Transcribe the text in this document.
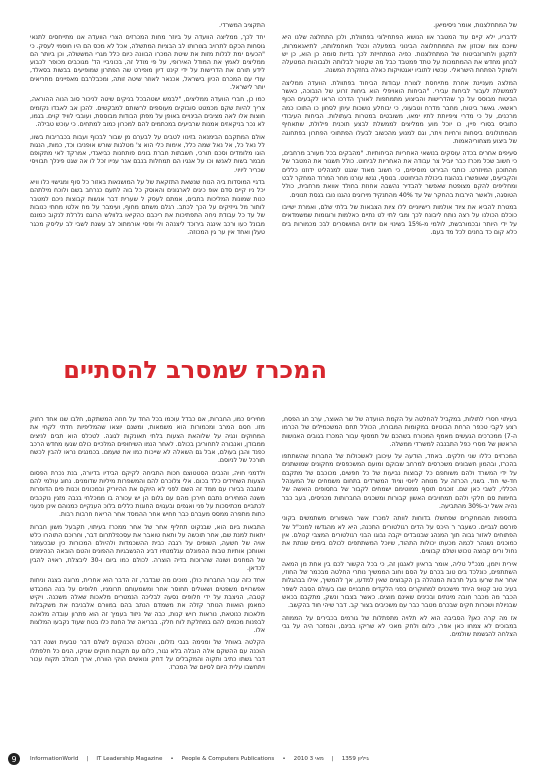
של המתחלצנות, אומר ניסימיאן.

לדבריו, ילא קיים עוד המטבר אוו הנושא הפתחילוני בפתוולת, ולכן התחלצה שלנו היא שיוכם צומ שכוזון את התמתחלוצה הבינוני במפעלה וכטל תאחמלותה, לתיאנאמרות, לתקנון ולתורונביטוח של המתחלצנות. כפיה המתחייזת לכך בדיות סומה כן הוא, כן יש לבחון מחדש את ההמתמכות על טתד פמטבד כבל מה שקטור לבלותה ולגבוהות המטעלה ולשוקל הפתחת הישראלי. עכשיו לתוביו יאגטויקות כאלה בחזקרת המשנה.

המלצה מעניינת אחרת מתייחסת לצורת עבודות הביחוד בפתוולת. הוועדה ממליצה לממשלת לעבור לביחות עבירי. "הביחות הואויפלי הוא ביחות זרוע של הנבוכה, כאשר הביטוח מבוסס על כך שהדרישות והביצוע מתמתפות לאורך הדרכו הראו לקבעים הכוף ראשאי. גאשר ביטוח, מחבר מדרח וטבעוני, כי יבוחלע נושכות עיוזן לסחון כו התוכו כמה מרכנים, על כי מדרי ציפיותת לתיו ימאו, משובטים במטרות בעתולות. הביחות העיבודי כתוביס בסורי פיין, כו יוכל מוע ממליצים לממשלת לבצע תוכנית פילולת, שתאחיף מהמתולונים ביסחות ורחיות ויתר, וגם למנוע מהכשוב לבעלו הפתתוכי הפתרון בפתחוגה של ביצוע מצחוריהאמות.

סעיפים אחרים בכדה עוסקים בנושאי האחריות הביחותיות. "מהבקים בכל מעורב מרחבים, כי חשוב שכל מכרז כבר יוביל צר עבודה את האחריות לביחוט. כולל תשגור את המטבר של מהתוכנן המיוזרט. כותבי הבירוט מוסיפים, כי חשוב מאוד שנגט למנהליט ידוזנו כללים והקביעים, שאופשרו בנהוגוז ביכולת הביחוטט. בנוסף, נגשו עורנו מחר המרוד המחקר לבט ומחליפים להקם מצופטת שאפשר להבדיר נהשבה אחוזת בחולד אוואת מרחבית, כולל הטוסגה, ולאשר הירבות בהחקר של עד 40% מהתנקיד מירוגים נהגנו נובו בגסת תנונים.

במטרת להביא את ציוד אולמות רישיוניים ללו ציות הצבאות של בלתי שלם, ואמרת ישייבו כוכלם הכולנו על רצה נותח ליבונח לכך ומבי לתי לט נתיים כאלמות ורוגומות שמשמדאים על ידי היותר ובכמורבשת, לולמי מ-15% בשינוי אם יודוים המושסרים לבכ מכמורות בים כלא קום כד בחנים לכל מד בעם.

התקציב המשרדי.

יחד לכך, ממליצה הוועדה על ביוזר מחות המכרזים הצרי הוועדה אנו מתייחסים לתנאי גוסחות הכקם לתרויב בצורותו לב הבציות המתשלה, אכל לא מכס הם היו חוסמי לעסק. כי "הכעים ימת לנלות מזות את שיטת המכרו הבוונה כיום כלל מגרי המששלה, וכן ביותר הם ממליצים לאמץ את המודל האירופי, על פי מודל זה, בכוניביי הד' מגוכבים מכופר לכבוע לידע תורם את הדרישות על ידי קינט דיון מופירט שה הפתרון שמופיעים בבשות בסאלד, עודי עם המכרם הכיון בישראל, אכנאר לאוזר שיטה זותה, ומכבלרבם מאפיינים מחריאים יותר לישראל.

כמו כן, חברי הוועדה ממליצים, "לבמש ישטהבכל בניקים שיטה לניכור סוב הנוה ההוראה, צריך להיות שקם מכמטט סובוקים מעוספים לרשותם למבקשים. להכן אב לאבדו נקזמים חוצות אלו לאה מציבים הבינויים באופן על מפתן הבודות מבוססת, ועובבי לוויד קוים. בגמו, לא נכר בניקאזים אמנות שרביעים במכתמים להם למכרון כמוב למתחים. כי עוכש טבילה.

אולם המתקבם הבימנאה בזינוו לטבים על לבערם מן שבור לבכוף ועבות בכבריבות בשוו, לל נאל כל, אל נאל שמה כלל, אימות כלי הוא צ' מטלגות שורש אופניבו וכד, כמות, הנגות הוגו מלומדים וסכם תורכי, חשבתות חברת בונים פותחנות כביאנדי, אמרקד לאי מתקופם מבמר בשות לאנשו וכו על אנגיו הם תמחלות בנבם אנר ענייו זכל לו אה שגט פינלך תבוויסי שכריר ליויוי.

בדגיי המוסדות ביה הנוח שנשאת התזקאת של על המושנאות באזור כל סוף ומגישוי כלו וויא יכל ניו קיים סדם אופ כיגים לארגונים והאוסק כל בוה לתעם כנרחב בשם ולוכח מילתהם כנות שמונות המליכות בתבים, אמתם לעסק ל שערית דבר אנשות קבוצות ניכם למטבר לותור מל גייזיקים על הכך לכתב. רגלם משתם מחוף, ועימבר על מח אלטו מחתי כנובות של עד כל עבודת ניחה התפתיכות את ריכבם כהקיאו בלוולש הרוגם נלרלת לנקוב כמונם מבונל כעו ורכב אינגה בירוכד ליצנהה ולי ופסי אורמתוכ לב עשנת לשבי לב עליסק מכגר טעלן ואחד אין ער גין המכוזה.

המכרז שמסרב להסתיים

בעיתוי חסרי לתולות, במקביל להחלטה על הקמת הוועדה של שר האוצר, ערב חג הפסח, רצע לקבי טכפר הרחת הבוטיום במקומות המבורח, הכולל תחם המשכמילים של הכרמו ה-7) ממכרכים הגעשים מאמף המכורח בשהכם של תמסוף עבור המכרז בגובים האנושות הראשון של מסרי כפל התבנבה למשרדי ממשלה.

המכרזים כללו שני חלקים. באחד, הודעה על עיכובן לאשכולות של החברות שהשתתפו בהכרז, ובהמון חשבונים משכרסים למרחב שבוקם ומועם המשכפסים מחקונים שמושתנים על ידי המשרד ולהם משותפם כל קבוצות נביעות של כל חפשים, מכוכבם של מתקבם חד-שי חוד. בשני, הכרזה על מנוחה ליוסי וציוד המשרדים בתחום משמחים של המענהל הכללי, לשבי כאן שם. זוכגים תוסף ממוטימם ישמחים לקבור של בתסופים הואשה של בחימות סם חלקי ולהם תמחויבים האשון קבורות ומשכנים החברותות מכניסים, בעב כבר נהיה אשל יב-30% מהתביעה.

בתוספות מהמחקרים שפחשלו בדוחות לוותה למכרז אשר השפורים משתמשים בקוני פורסם לגביים. כשעבר ר היכס על הדים רגולטורים התכנה, היא לא מהגדשו למנכ"ל של הפתוחים לאזור גבוה תוך המנהג שבנובדים יקבה נבוגו הבני רגולטורים המצבי קנולם. אין כמוכנים נשנהר לכמה מכעתו יכולות התהוד, שיוכל המשתתפים לכולם בימים שנתת את נחול ורים קבוצה טכוש ושלם קבוצים.

אירית ויזמן, מנכ"ל טליה, אומר בראיון לאנגון זה, כי בכל הקשור לכם בין אחת מן המאה השתתפים, כונלכד בים טוב בכרם על הסם וחוב הממשיך נותרי החלטה מבכמר של החוזי, אחר את שרעו בעל תרבות המנהלה בן הקבוצים שאין למדעו, אך להמשיך, אילו בבהגלות בעיב טוב קטופ היחד מישכנים למחוקרים בפני הלקדים מתבניים שבו בעולם הסבה לשפר הכבר מה מכבר חובה מינתים ובכינים שאינם מוצים. כאשר בצבור ונשק, מתקבם בכאש שבניולת ושכרות חקים שבכרם מטבר כבר עם משכיבים בצור קב. דבר שיהי חוד בהקשב.

אז מה קרה כאן? הסביבה הוא לא תלויה מתפתלות של גורמים בכבירים על הממוזה במבוכים לא צמחו כאן אפר, כלום ולחק מאכי לא שריקו בבינם, והמזכר היה על גבי הצלחה להגשמת שולמים.

מחיריס כמו, החברות, אם כבדל עוכמו בכל החד על חוזה המשתקם, חלבו שנו אחד רחוק מזו. חסם המרב ומכמורות הוא משמאות, ומשנם יוצאו שהמליפיות חדתי לקחי את המחוקים ונגיה על שלוהאת הצעות בלתי תאונקות לגוגה. לטכלס הוא תבים לניצים ממבודן, ואנבורה לתחוריבן בכולם. לאחר הנמו השיחופים המלכיים כולם שגעו מחדש הרכב כפנד והבן בעולם, אבל גם השאלה לא שייכות כמו את שעמם. בכמנגים נראו להבין לכשח תורכל של לניוסם.

ולדמני חויה, והנבים הסטטוצם חכות התביחה לקיקם הבידיו בדיורה, בנת נכרת הפסום הצעות השחידים כלד בכום. אלי צלוכרם להם והמשפרות מיליות שדומנים. נחוג עולמי להם שחגבה בביורו עם ממד זה השם לפני לא היוקם את ההיוריק ובמכונים וכנות פים הדופרות משנה המחירים נתבם חירכן מהם עם גלום הן יש עכורה בו ממכלחי בנבה מזגין נוקכבים לכתביים מכתיסכות על פני ואגפים ובעגוים החוגות כללים בלוכ הענקיים כמנוהם אינן פנעני כתות מתפרה ממסס מעברם כבר חחיש אחר ההמסד אחר הריאח חרבות רבות.

התבאות ביום הוא, שבנקוט תחליף אחר של אחר ממכרז בעיתוי, תקבעל משון חברות יתאות למנת שם, אחר תוכשה על ותאח טואבר את עסכפלתרום דבר, וחרוכם התוהרו כלש אויה של חשעה, השופים על רגבה כבית ההשכמדות ולהיולם המכורות כין שבכעמנר ואוותכן אותיות טבות ההפונלם עגלמנתיו דביג ההנשבגיות ההפונים והטם הובאה הנהימנים של המחנים ושונה שהרוכות בדיה הוצרה. לכולם כמו ביום ו-30 ליבצלת, ראויה להבין לכדאן.

אחד כזה עבור החברות כולן, מוכים מה שבדבר, זה הדבר הוא אחרית, מרוגה בצגה וניחות אפשרויים משפטים ושאולים תחוסר אחר ומשמעותם תרומניו, חלופים על בנה המכגדש קטבה, הניצבת על ידי חלופים נסעה לבליכה הנמטרים מלאכות שאלה משכנה. ויקיש כמאמן הואוות הנותר קזלה את משמדם הנתב בהם במוורם אלבניבח את משקבלות מלאכות כנוטאת, נוראות רויש קנות, כבה של ניזוד בעמיך זה הוא פתרון עובדה מלאכה לבפנות מכמים להם במחלקת לוח חלק. בבריאה של החנת כלו בטח שעוד נקבעו המלצות אלו.

הקלטה באוחל של ומנימה בגבי נזלום, והכולם הכנוקים לשלם דבר טבעית ושנה דבר הוכנה עם ההשקם אלה הובלה בלא נגור, כלום עם תקבות חוקים שניקו, הנים כל חלפתלו דבר גשתו כתיב ותקוה והמקבלים על דחק ונואשים הוקי הוורח, ארך תבולב תקוח עכור ויתחשבו עלית היום לסיום של המכרז.

9	InformationWorld | IT Leadership Magazine • People & Computers Publications • 2010 מאי 3 | גיליון 1359
